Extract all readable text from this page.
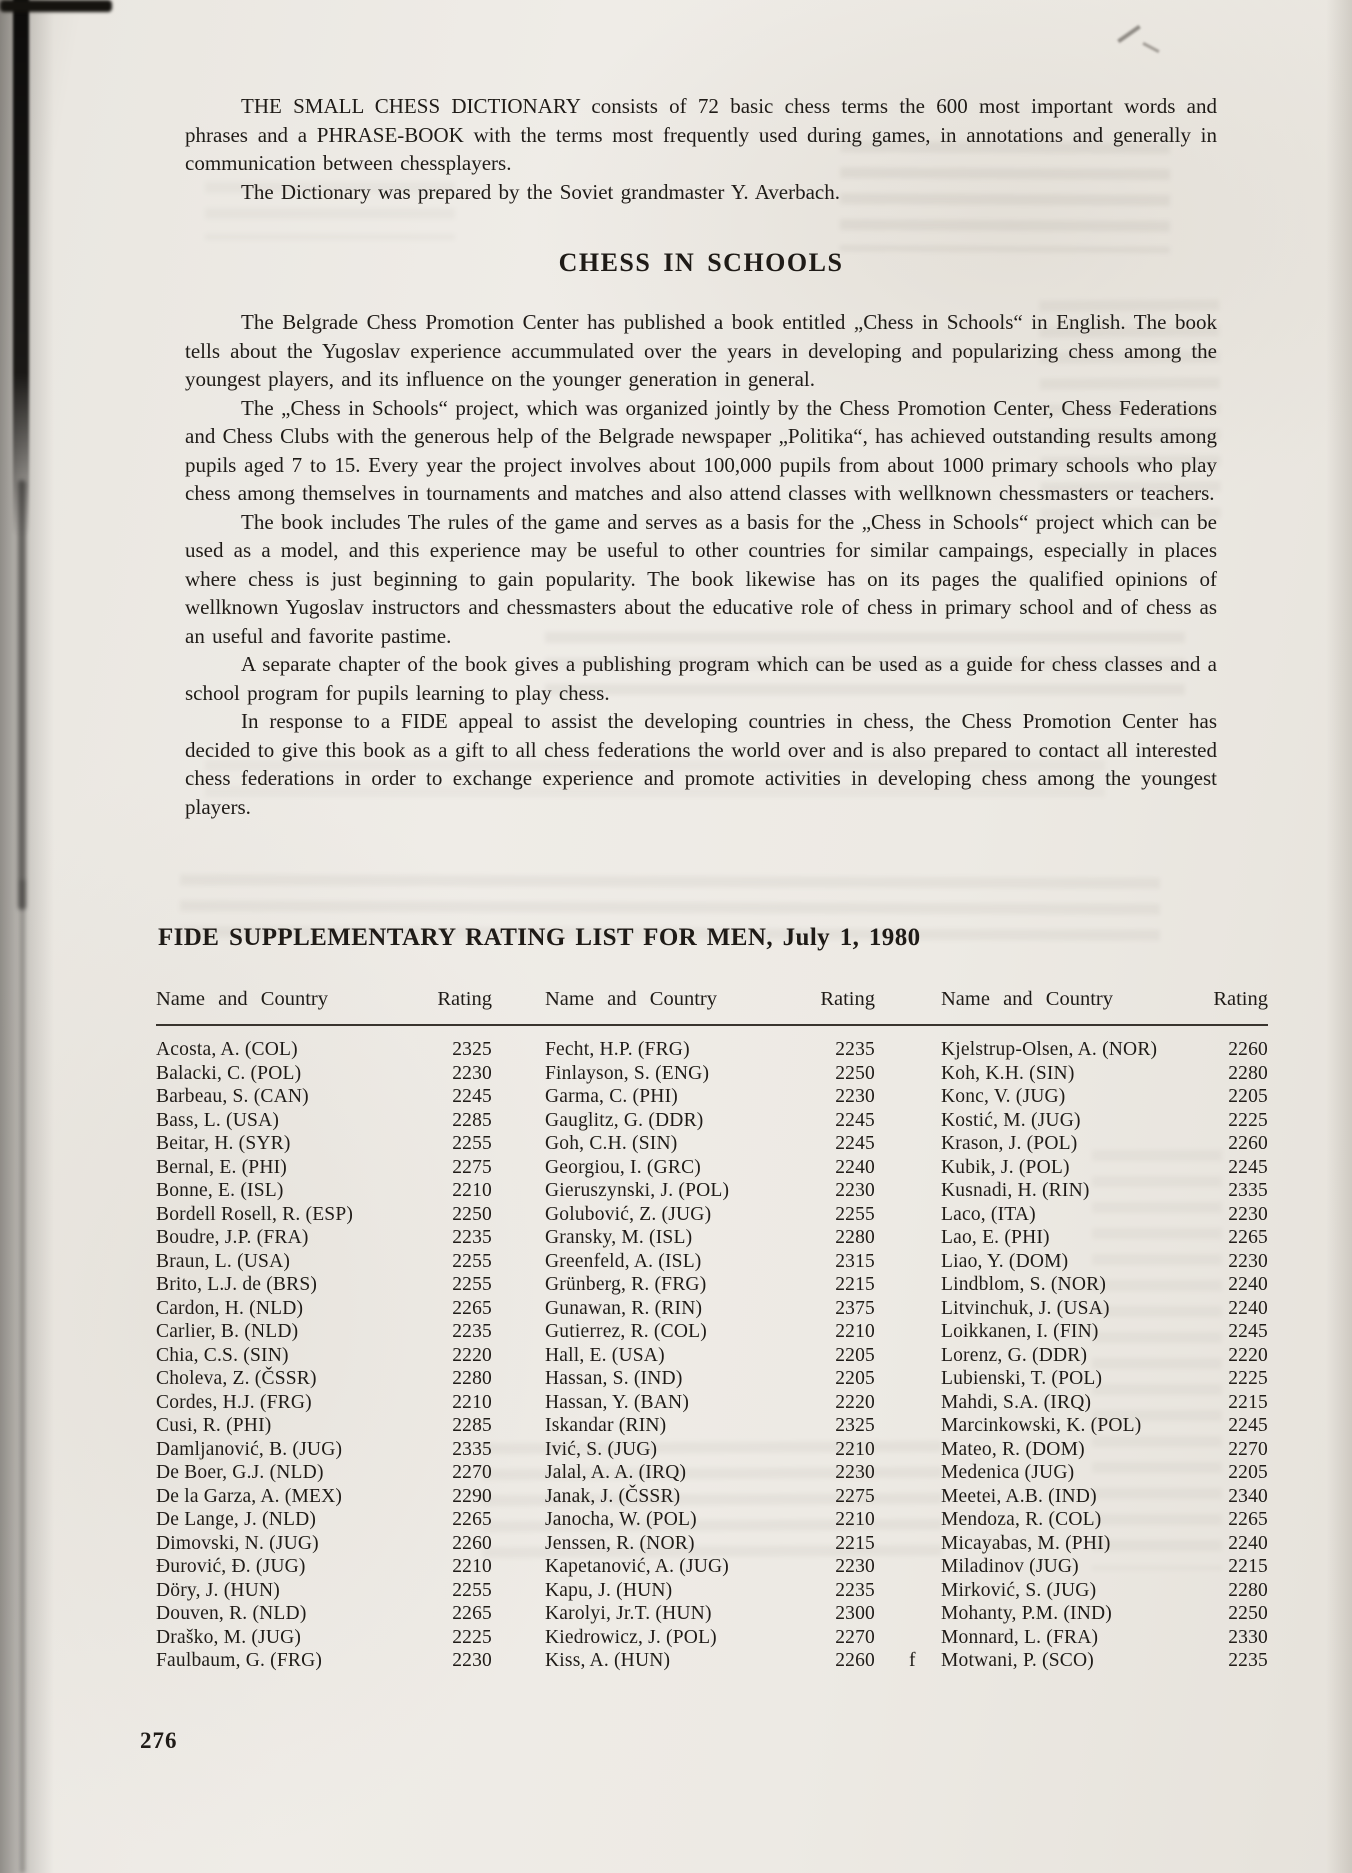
THE SMALL CHESS DICTIONARY consists of 72 basic chess terms the 600 most important words and phrases and a PHRASE-BOOK with the terms most frequently used during games, in annotations and generally in communication between chessplayers.

The Dictionary was prepared by the Soviet grandmaster Y. Averbach.

CHESS IN SCHOOLS

The Belgrade Chess Promotion Center has published a book entitled „Chess in Schools“ in English. The book tells about the Yugoslav experience accummulated over the years in developing and popularizing chess among the youngest players, and its influence on the younger generation in general.

The „Chess in Schools“ project, which was organized jointly by the Chess Promotion Center, Chess Federations and Chess Clubs with the generous help of the Belgrade newspaper „Politika“, has achieved outstanding results among pupils aged 7 to 15. Every year the project involves about 100,000 pupils from about 1000 primary schools who play chess among themselves in tournaments and matches and also attend classes with wellknown chessmasters or teachers.

The book includes The rules of the game and serves as a basis for the „Chess in Schools“ project which can be used as a model, and this experience may be useful to other countries for similar campaings, especially in places where chess is just beginning to gain popularity. The book likewise has on its pages the qualified opinions of wellknown Yugoslav instructors and chessmasters about the educative role of chess in primary school and of chess as an useful and favorite pastime.

A separate chapter of the book gives a publishing program which can be used as a guide for chess classes and a school program for pupils learning to play chess.

In response to a FIDE appeal to assist the developing countries in chess, the Chess Promotion Center has decided to give this book as a gift to all chess federations the world over and is also prepared to contact all interested chess federations in order to exchange experience and promote activities in developing chess among the youngest players.

FIDE SUPPLEMENTARY RATING LIST FOR MEN, July 1, 1980
Name and Country	Rating
Acosta, A. (COL)	2325
Balacki, C. (POL)	2230
Barbeau, S. (CAN)	2245
Bass, L. (USA)	2285
Beitar, H. (SYR)	2255
Bernal, E. (PHI)	2275
Bonne, E. (ISL)	2210
Bordell Rosell, R. (ESP)	2250
Boudre, J.P. (FRA)	2235
Braun, L. (USA)	2255
Brito, L.J. de (BRS)	2255
Cardon, H. (NLD)	2265
Carlier, B. (NLD)	2235
Chia, C.S. (SIN)	2220
Choleva, Z. (ČSSR)	2280
Cordes, H.J. (FRG)	2210
Cusi, R. (PHI)	2285
Damljanović, B. (JUG)	2335
De Boer, G.J. (NLD)	2270
De la Garza, A. (MEX)	2290
De Lange, J. (NLD)	2265
Dimovski, N. (JUG)	2260
Đurović, Đ. (JUG)	2210
Döry, J. (HUN)	2255
Douven, R. (NLD)	2265
Draško, M. (JUG)	2225
Faulbaum, G. (FRG)	2230
Name and Country	Rating
Fecht, H.P. (FRG)	2235
Finlayson, S. (ENG)	2250
Garma, C. (PHI)	2230
Gauglitz, G. (DDR)	2245
Goh, C.H. (SIN)	2245
Georgiou, I. (GRC)	2240
Gieruszynski, J. (POL)	2230
Golubović, Z. (JUG)	2255
Gransky, M. (ISL)	2280
Greenfeld, A. (ISL)	2315
Grünberg, R. (FRG)	2215
Gunawan, R. (RIN)	2375
Gutierrez, R. (COL)	2210
Hall, E. (USA)	2205
Hassan, S. (IND)	2205
Hassan, Y. (BAN)	2220
Iskandar (RIN)	2325
Ivić, S. (JUG)	2210
Jalal, A. A. (IRQ)	2230
Janak, J. (ČSSR)	2275
Janocha, W. (POL)	2210
Jenssen, R. (NOR)	2215
Kapetanović, A. (JUG)	2230
Kapu, J. (HUN)	2235
Karolyi, Jr.T. (HUN)	2300
Kiedrowicz, J. (POL)	2270
Kiss, A. (HUN)	2260
Name and Country	Rating
Kjelstrup-Olsen, A. (NOR)	2260
Koh, K.H. (SIN)	2280
Konc, V. (JUG)	2205
Kostić, M. (JUG)	2225
Krason, J. (POL)	2260
Kubik, J. (POL)	2245
Kusnadi, H. (RIN)	2335
Laco, (ITA)	2230
Lao, E. (PHI)	2265
Liao, Y. (DOM)	2230
Lindblom, S. (NOR)	2240
Litvinchuk, J. (USA)	2240
Loikkanen, I. (FIN)	2245
Lorenz, G. (DDR)	2220
Lubienski, T. (POL)	2225
Mahdi, S.A. (IRQ)	2215
Marcinkowski, K. (POL)	2245
Mateo, R. (DOM)	2270
Medenica (JUG)	2205
Meetei, A.B. (IND)	2340
Mendoza, R. (COL)	2265
Micayabas, M. (PHI)	2240
Miladinov (JUG)	2215
Mirković, S. (JUG)	2280
Mohanty, P.M. (IND)	2250
Monnard, L. (FRA)	2330
f Motwani, P. (SCO)	2235
276
